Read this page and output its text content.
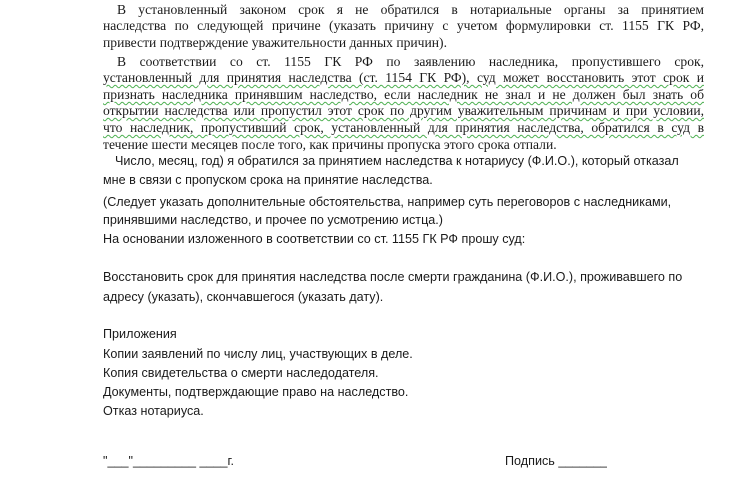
В установленный законом срок я не обратился в нотариальные органы за принятием
наследства по следующей причине (указать причину с учетом формулировки ст. 1155 ГК РФ,
привести подтверждение уважительности данных причин).
В соответствии со ст. 1155 ГК РФ по заявлению наследника, пропустившего срок,
установленный для принятия наследства (ст. 1154 ГК РФ), суд может восстановить этот срок и
признать наследника принявшим наследство, если наследник не знал и не должен был знать об
открытии наследства или пропустил этот срок по другим уважительным причинам и при условии,
что наследник, пропустивший срок, установленный для принятия наследства, обратился в суд в
течение шести месяцев после того, как причины пропуска этого срока отпали.
Число, месяц, год) я обратился за принятием наследства к нотариусу (Ф.И.О.), который отказал
мне в связи с пропуском срока на принятие наследства.
(Следует указать дополнительные обстоятельства, например суть переговоров с наследниками,
принявшими наследство, и прочее по усмотрению истца.)
На основании изложенного в соответствии со ст. 1155 ГК РФ прошу суд:
Восстановить срок для принятия наследства после смерти гражданина (Ф.И.О.), проживавшего по
адресу (указать), скончавшегося (указать дату).
Приложения
Копии заявлений по числу лиц, участвующих в деле.
Копия свидетельства о смерти наследодателя.
Документы, подтверждающие право на наследство.
Отказ нотариуса.
"___"_________ ____г.	Подпись _______
